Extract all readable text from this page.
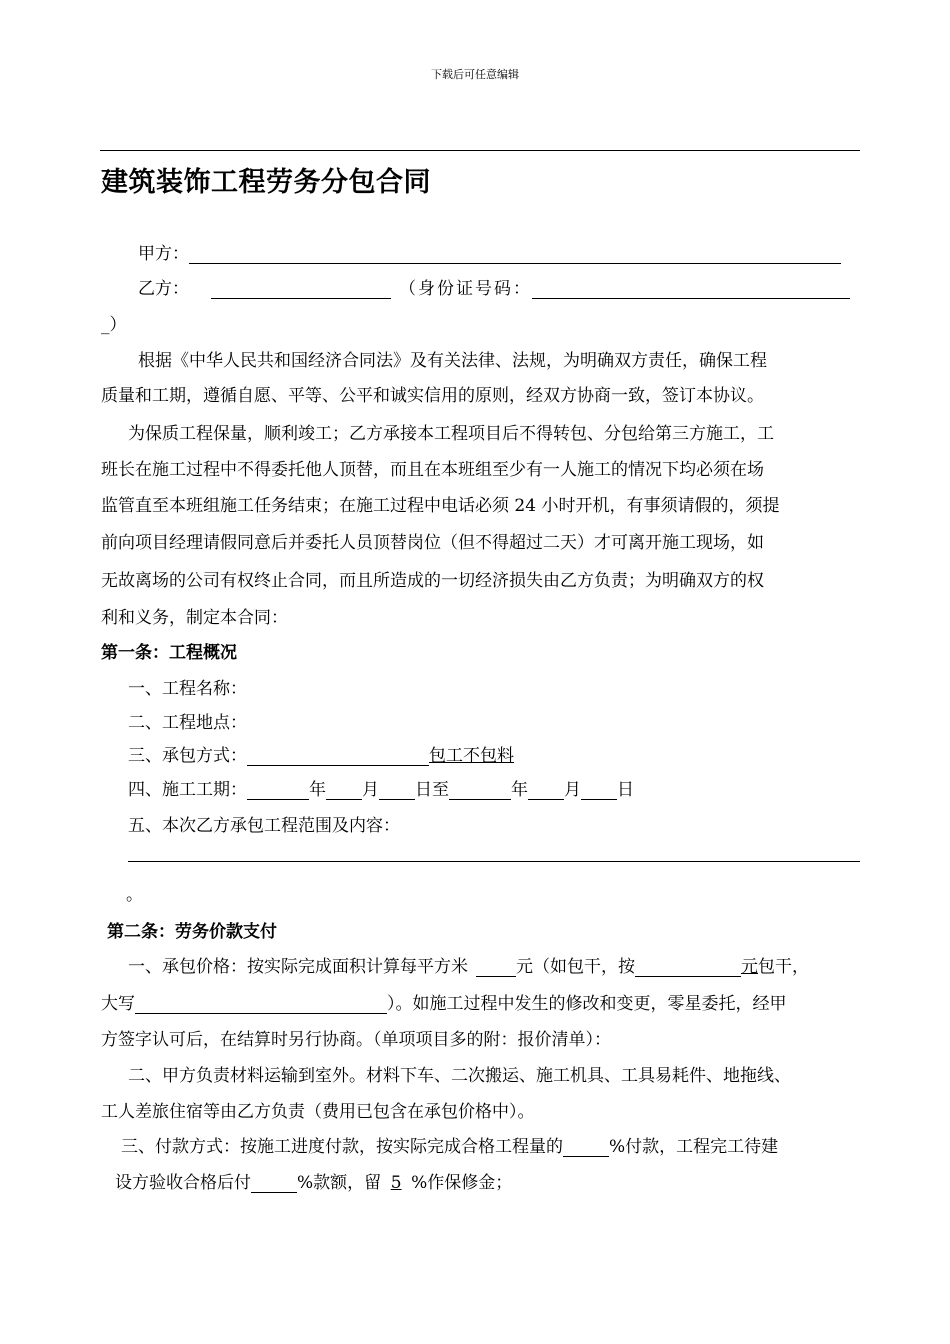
下载后可任意编辑
建筑装饰工程劳务分包合同
甲方：
乙方：	（身份证号码：
_）
根据《中华人民共和国经济合同法》及有关法律、法规，为明确双方责任，确保工程
质量和工期，遵循自愿、平等、公平和诚实信用的原则，经双方协商一致，签订本协议。
为保质工程保量，顺利竣工；乙方承接本工程项目后不得转包、分包给第三方施工，工
班长在施工过程中不得委托他人顶替，而且在本班组至少有一人施工的情况下均必须在场
监管直至本班组施工任务结束；在施工过程中电话必须 24 小时开机，有事须请假的，须提
前向项目经理请假同意后并委托人员顶替岗位（但不得超过二天）才可离开施工现场，如
无故离场的公司有权终止合同，而且所造成的一切经济损失由乙方负责；为明确双方的权
利和义务，制定本合同：
第一条：工程概况
一、工程名称：
二、工程地点：
三、承包方式：	包工不包料
四、施工工期：	年 月 日至	年 月 日
五、本次乙方承包工程范围及内容：
。
第二条：劳务价款支付
一、承包价格：按实际完成面积计算每平方米	元（如包干，按	元包干，
大写	）。如施工过程中发生的修改和变更，零星委托，经甲
方签字认可后，在结算时另行协商。（单项项目多的附：报价清单）：
二、甲方负责材料运输到室外。材料下车、二次搬运、施工机具、工具易耗件、地拖线、
工人差旅住宿等由乙方负责（费用已包含在承包价格中）。
三、付款方式：按施工进度付款，按实际完成合格工程量的	%付款，工程完工待建
设方验收合格后付	%款额，留 5 %作保修金；
